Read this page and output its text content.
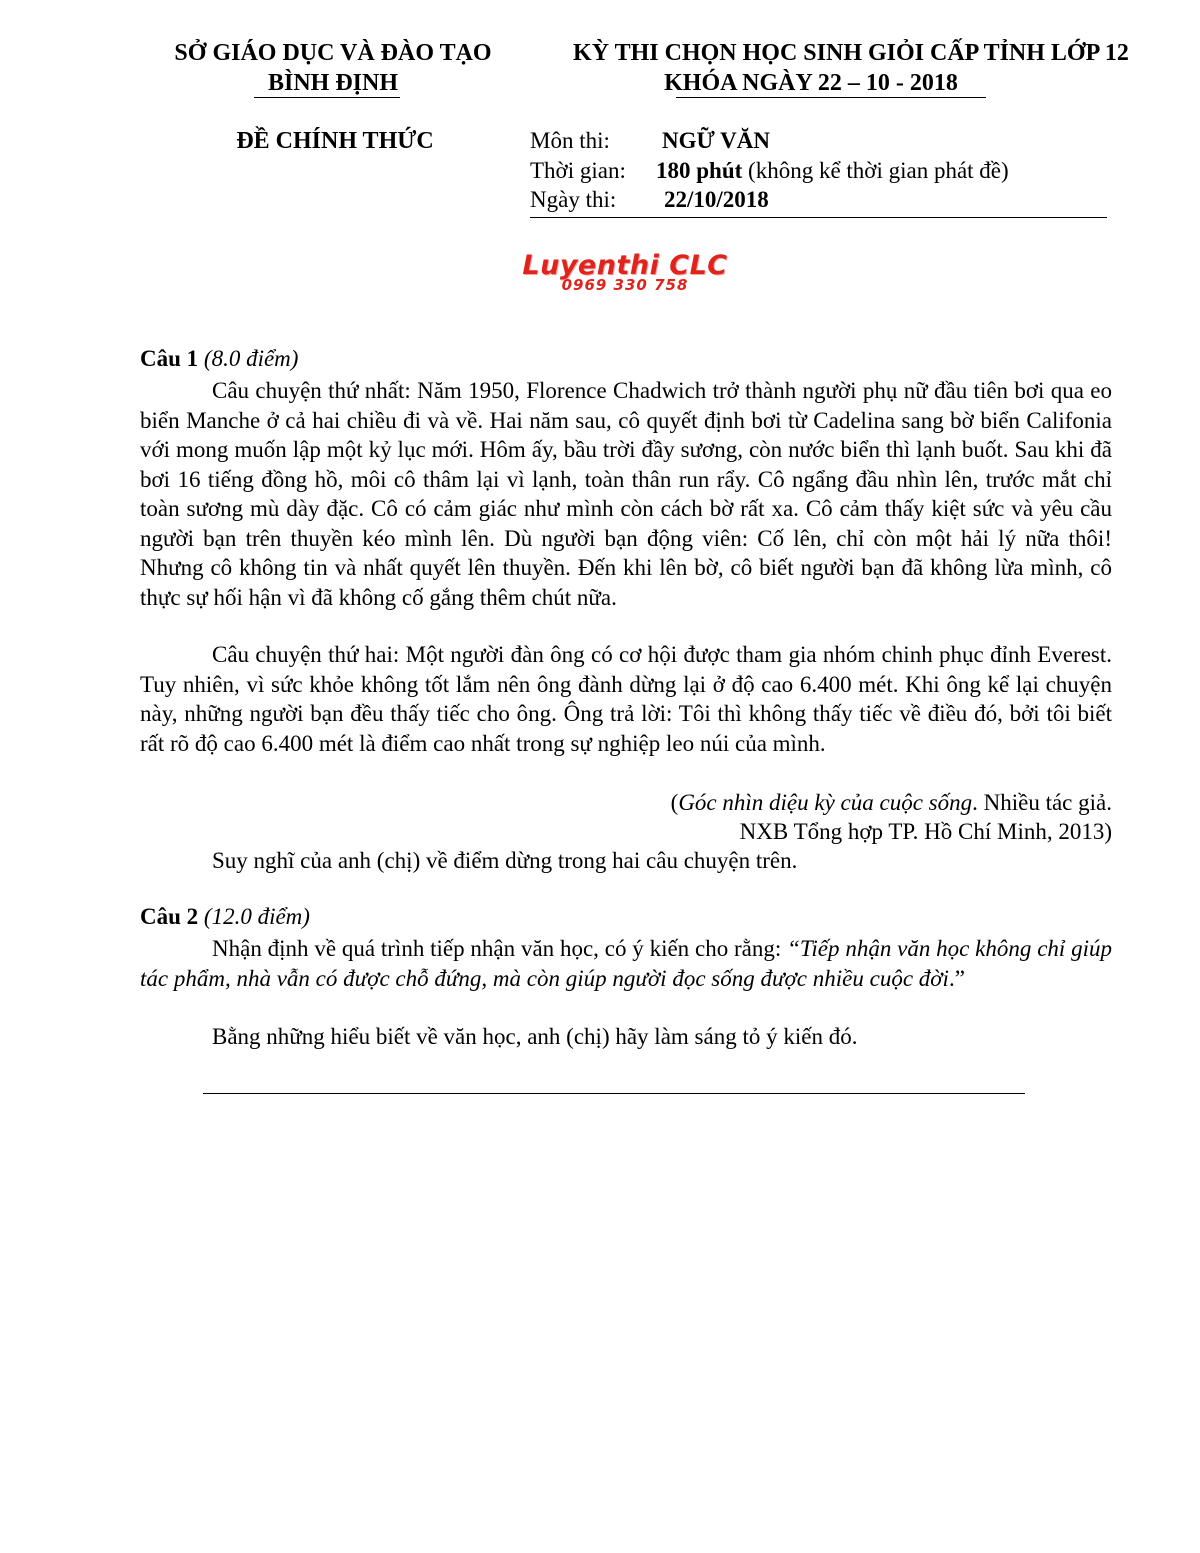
SỞ GIÁO DỤC VÀ ĐÀO TẠO
BÌNH ĐỊNH
KỲ THI CHỌN HỌC SINH GIỎI CẤP TỈNH LỚP 12
KHÓA NGÀY 22 – 10 - 2018
ĐỀ CHÍNH THỨC	Môn thi: NGỮ VĂN
Thời gian: 180 phút (không kể thời gian phát đề)
Ngày thi: 22/10/2018
Luyenthi CLC
0969 330 758
Câu 1 (8.0 điểm)

Câu chuyện thứ nhất: Năm 1950, Florence Chadwich trở thành người phụ nữ đầu tiên bơi qua eo biển Manche ở cả hai chiều đi và về. Hai năm sau, cô quyết định bơi từ Cadelina sang bờ biển Califonia với mong muốn lập một kỷ lục mới. Hôm ấy, bầu trời đầy sương, còn nước biển thì lạnh buốt. Sau khi đã bơi 16 tiếng đồng hồ, môi cô thâm lại vì lạnh, toàn thân run rẩy. Cô ngẩng đầu nhìn lên, trước mắt chỉ toàn sương mù dày đặc. Cô có cảm giác như mình còn cách bờ rất xa. Cô cảm thấy kiệt sức và yêu cầu người bạn trên thuyền kéo mình lên. Dù người bạn động viên: Cố lên, chỉ còn một hải lý nữa thôi! Nhưng cô không tin và nhất quyết lên thuyền. Đến khi lên bờ, cô biết người bạn đã không lừa mình, cô thực sự hối hận vì đã không cố gắng thêm chút nữa.

Câu chuyện thứ hai: Một người đàn ông có cơ hội được tham gia nhóm chinh phục đỉnh Everest. Tuy nhiên, vì sức khỏe không tốt lắm nên ông đành dừng lại ở độ cao 6.400 mét. Khi ông kể lại chuyện này, những người bạn đều thấy tiếc cho ông. Ông trả lời: Tôi thì không thấy tiếc về điều đó, bởi tôi biết rất rõ độ cao 6.400 mét là điểm cao nhất trong sự nghiệp leo núi của mình.

(Góc nhìn diệu kỳ của cuộc sống. Nhiều tác giả.

NXB Tổng hợp TP. Hồ Chí Minh, 2013)

Suy nghĩ của anh (chị) về điểm dừng trong hai câu chuyện trên.

Câu 2 (12.0 điểm)

Nhận định về quá trình tiếp nhận văn học, có ý kiến cho rằng: “Tiếp nhận văn học không chỉ giúp tác phẩm, nhà vẫn có được chỗ đứng, mà còn giúp người đọc sống được nhiều cuộc đời.”

Bằng những hiểu biết về văn học, anh (chị) hãy làm sáng tỏ ý kiến đó.
